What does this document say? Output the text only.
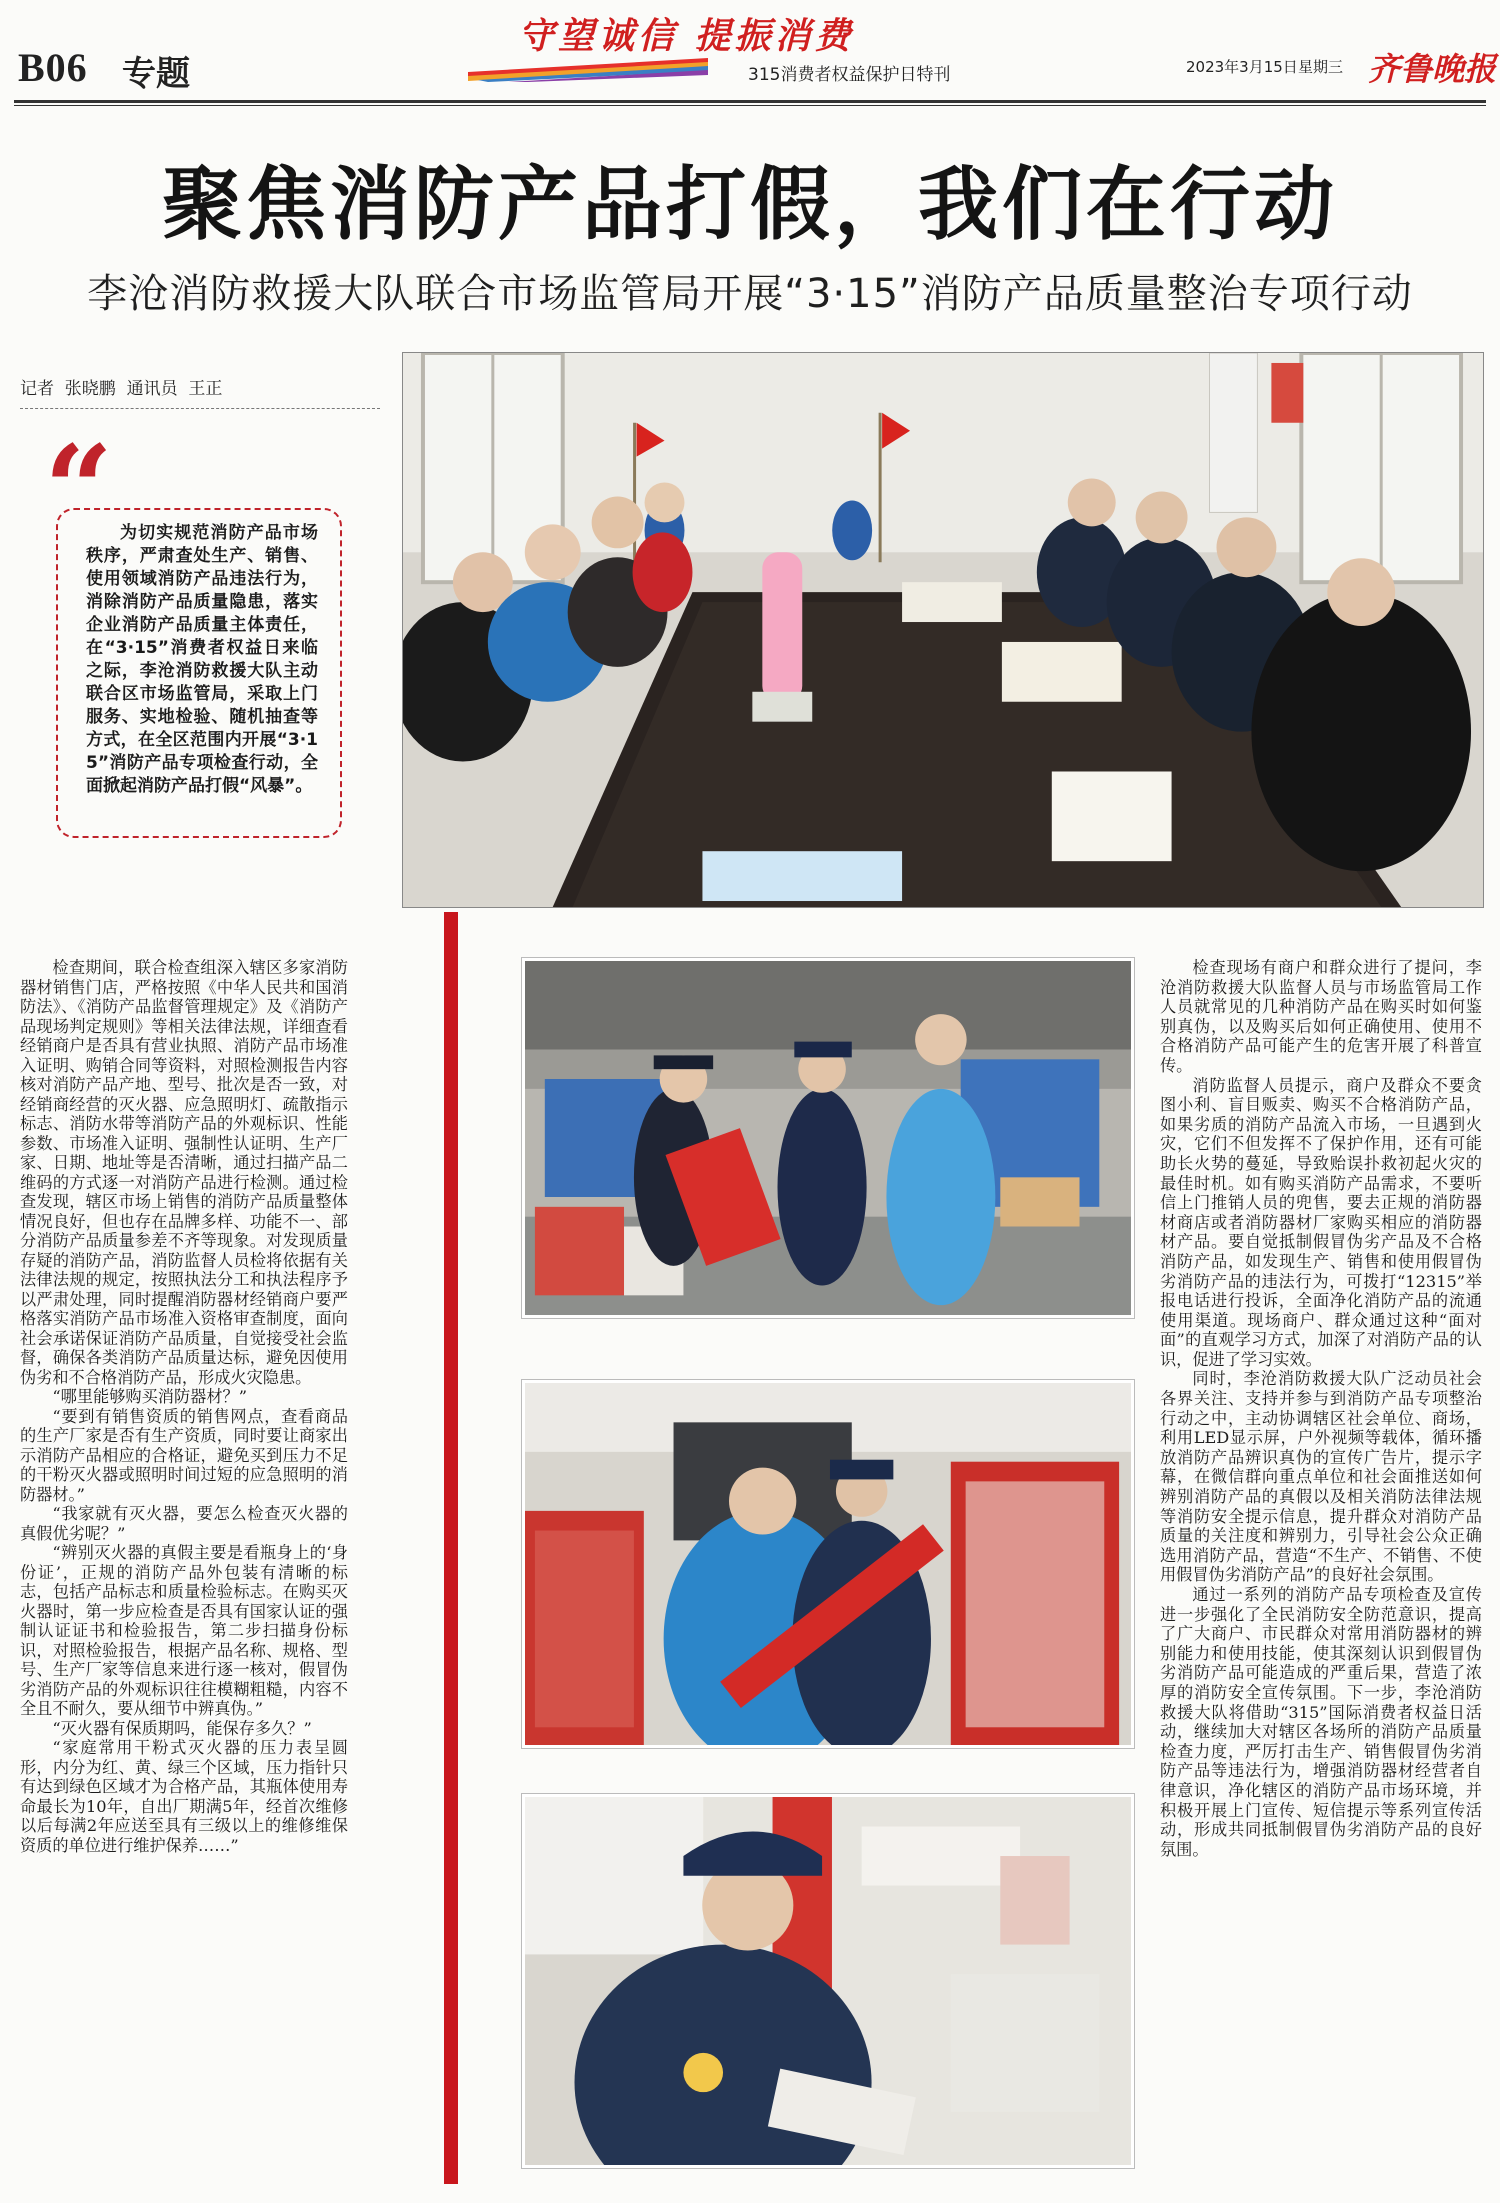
B06 专题
守望诚信 提振消费
315消费者权益保护日特刊	2023年3月15日 星期三 齐鲁晚报
聚焦消防产品打假，我们在行动
李沧消防救援大队联合市场监管局开展“3·15”消防产品质量整治专项行动
记者  张晓鹏  通讯员  王正
“ 为切实规范消防产品市场秩序，严肃查处生产、销售、使用领域消防产品违法行为，消除消防产品质量隐患，落实企业消防产品质量主体责任，在“3·15”消费者权益日来临之际，李沧消防救援大队主动联合区市场监管局，采取上门服务、实地检验、随机抽查等方式，在全区范围内开展“3·15”消防产品专项检查行动，全面掀起消防产品打假“风暴”。

检查期间，联合检查组深入辖区多家消防器材销售门店，严格按照《中华人民共和国消防法》、《消防产品监督管理规定》及《消防产品现场判定规则》等相关法律法规，详细查看经销商户是否具有营业执照、消防产品市场准入证明、购销合同等资料，对照检测报告内容核对消防产品产地、型号、批次是否一致，对经销商经营的灭火器、应急照明灯、疏散指示标志、消防水带等消防产品的外观标识、性能参数、市场准入证明、强制性认证明、生产厂家、日期、地址等是否清晰，通过扫描产品二维码的方式逐一对消防产品进行检测。通过检查发现，辖区市场上销售的消防产品质量整体情况良好，但也存在品牌多样、功能不一、部分消防产品质量参差不齐等现象。对发现质量存疑的消防产品，消防监督人员检将依据有关法律法规的规定，按照执法分工和执法程序予以严肃处理，同时提醒消防器材经销商户要严格落实消防产品市场准入资格审查制度，面向社会承诺保证消防产品质量，自觉接受社会监督，确保各类消防产品质量达标，避免因使用伪劣和不合格消防产品，形成火灾隐患。

“哪里能够购买消防器材？”

“要到有销售资质的销售网点，查看商品的生产厂家是否有生产资质，同时要让商家出示消防产品相应的合格证，避免买到压力不足的干粉灭火器或照明时间过短的应急照明的消防器材。”

“我家就有灭火器，要怎么检查灭火器的真假优劣呢？”

“辨别灭火器的真假主要是看瓶身上的‘身份证’，正规的消防产品外包装有清晰的标志，包括产品标志和质量检验标志。在购买灭火器时，第一步应检查是否具有国家认证的强制认证证书和检验报告，第二步扫描身份标识，对照检验报告，根据产品名称、规格、型号、生产厂家等信息来进行逐一核对，假冒伪劣消防产品的外观标识往往模糊粗糙，内容不全且不耐久，要从细节中辨真伪。”

“灭火器有保质期吗，能保存多久？”

“家庭常用干粉式灭火器的压力表呈圆形，内分为红、黄、绿三个区域，压力指针只有达到绿色区域才为合格产品，其瓶体使用寿命最长为10年，自出厂期满5年，经首次维修以后每满2年应送至具有三级以上的维修维保资质的单位进行维护保养……”

检查现场有商户和群众进行了提问，李沧消防救援大队监督人员与市场监管局工作人员就常见的几种消防产品在购买时如何鉴别真伪，以及购买后如何正确使用、使用不合格消防产品可能产生的危害开展了科普宣传。

消防监督人员提示，商户及群众不要贪图小利、盲目贩卖、购买不合格消防产品，如果劣质的消防产品流入市场，一旦遇到火灾，它们不但发挥不了保护作用，还有可能助长火势的蔓延，导致贻误扑救初起火灾的最佳时机。如有购买消防产品需求，不要听信上门推销人员的兜售，要去正规的消防器材商店或者消防器材厂家购买相应的消防器材产品。要自觉抵制假冒伪劣产品及不合格消防产品，如发现生产、销售和使用假冒伪劣消防产品的违法行为，可拨打“12315”举报电话进行投诉，全面净化消防产品的流通使用渠道。现场商户、群众通过这种“面对面”的直观学习方式，加深了对消防产品的认识，促进了学习实效。

同时，李沧消防救援大队广泛动员社会各界关注、支持并参与到消防产品专项整治行动之中，主动协调辖区社会单位、商场，利用LED显示屏，户外视频等载体，循环播放消防产品辨识真伪的宣传广告片，提示字幕，在微信群向重点单位和社会面推送如何辨别消防产品的真假以及相关消防法律法规等消防安全提示信息，提升群众对消防产品质量的关注度和辨别力，引导社会公众正确选用消防产品，营造“不生产、不销售、不使用假冒伪劣消防产品”的良好社会氛围。

通过一系列的消防产品专项检查及宣传进一步强化了全民消防安全防范意识，提高了广大商户、市民群众对常用消防器材的辨别能力和使用技能，使其深刻认识到假冒伪劣消防产品可能造成的严重后果，营造了浓厚的消防安全宣传氛围。下一步，李沧消防救援大队将借助“315”国际消费者权益日活动，继续加大对辖区各场所的消防产品质量检查力度，严厉打击生产、销售假冒伪劣消防产品等违法行为，增强消防器材经营者自律意识，净化辖区的消防产品市场环境，并积极开展上门宣传、短信提示等系列宣传活动，形成共同抵制假冒伪劣消防产品的良好氛围。
